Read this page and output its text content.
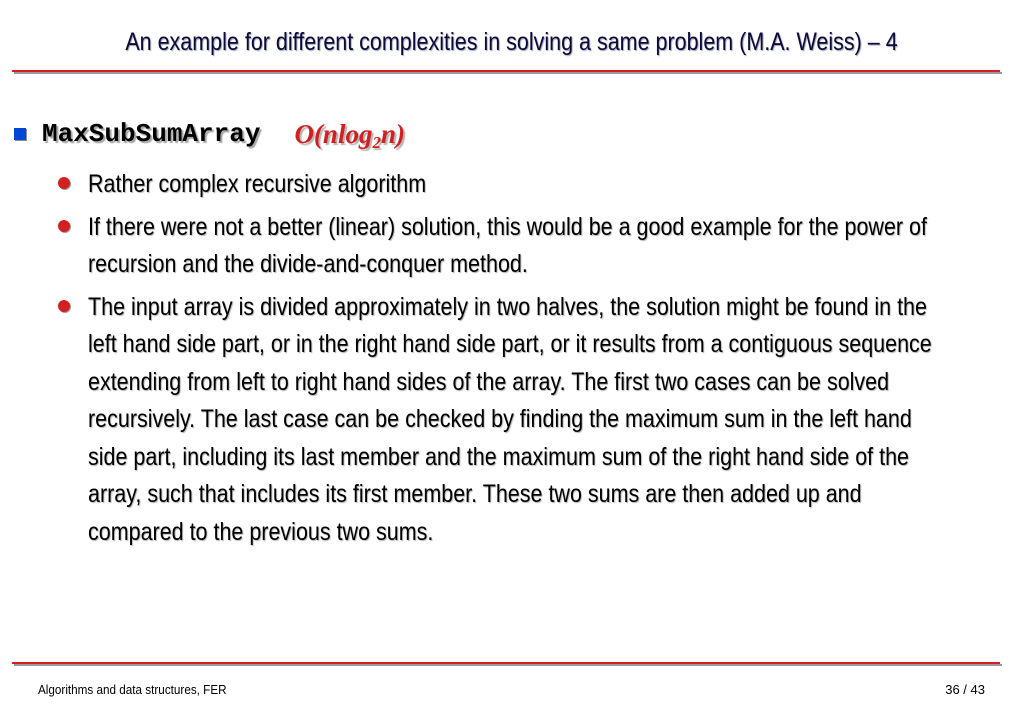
An example for different complexities in solving a same problem (M.A. Weiss) – 4
MaxSubSumArray O(nlog$_2$n)
Rather complex recursive algorithm
If there were not a better (linear) solution, this would be a good example for the power of recursion and the divide-and-conquer method.
The input array is divided approximately in two halves, the solution might be found in the left hand side part, or in the right hand side part, or it results from a contiguous sequence extending from left to right hand sides of the array. The first two cases can be solved recursively. The last case can be checked by finding the maximum sum in the left hand side part, including its last member and the maximum sum of the right hand side of the array, such that includes its first member. These two sums are then added up and compared to the previous two sums.
Algorithms and data structures, FER	36 / 43
